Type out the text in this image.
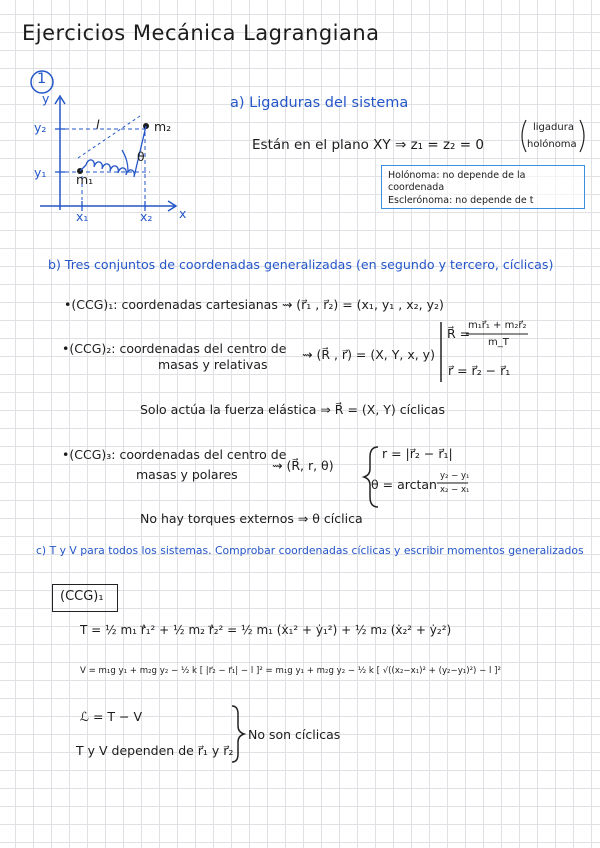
Ejercicios Mecánica Lagrangiana
1
y
y₂
y₁
x₁	x₂ x
l	m₂
m₁
θ
a) Ligaduras del sistema
Están en el plano XY ⇒ z₁ = z₂ = 0
ligadura
holónoma
Holónoma: no depende de la coordenada
Esclerónoma: no depende de t
b) Tres conjuntos de coordenadas generalizadas (en segundo y tercero, cíclicas)
•(CCG)₁: coordenadas cartesianas ⇝ (r⃗₁ , r⃗₂) = (x₁, y₁ , x₂, y₂)
•(CCG)₂: coordenadas del centro de
masas y relativas
⇝ (R⃗ , r⃗) = (X, Y, x, y)
R⃗ =
m₁r⃗₁ + m₂r⃗₂
m_T
r⃗ = r⃗₂ − r⃗₁
Solo actúa la fuerza elástica ⇒ R⃗ = (X, Y) cíclicas
•(CCG)₃: coordenadas del centro de
masas y polares
⇝ (R⃗, r, θ)
r = |r⃗₂ − r⃗₁|
θ = arctan
y₂ − y₁
x₂ − x₁
No hay torques externos ⇒ θ cíclica
c) T y V para todos los sistemas. Comprobar coordenadas cíclicas y escribir momentos generalizados
(CCG)₁
T = ½ m₁ ṙ⃗₁² + ½ m₂ ṙ⃗₂² = ½ m₁ (ẋ₁² + ẏ₁²) + ½ m₂ (ẋ₂² + ẏ₂²)
V = m₁g y₁ + m₂g y₂ − ½ k [ |r⃗₂ − r⃗₁| − l ]² = m₁g y₁ + m₂g y₂ − ½ k [ √((x₂−x₁)² + (y₂−y₁)²) − l ]²
ℒ = T − V
T y V dependen de r⃗₁ y r⃗₂
No son cíclicas
